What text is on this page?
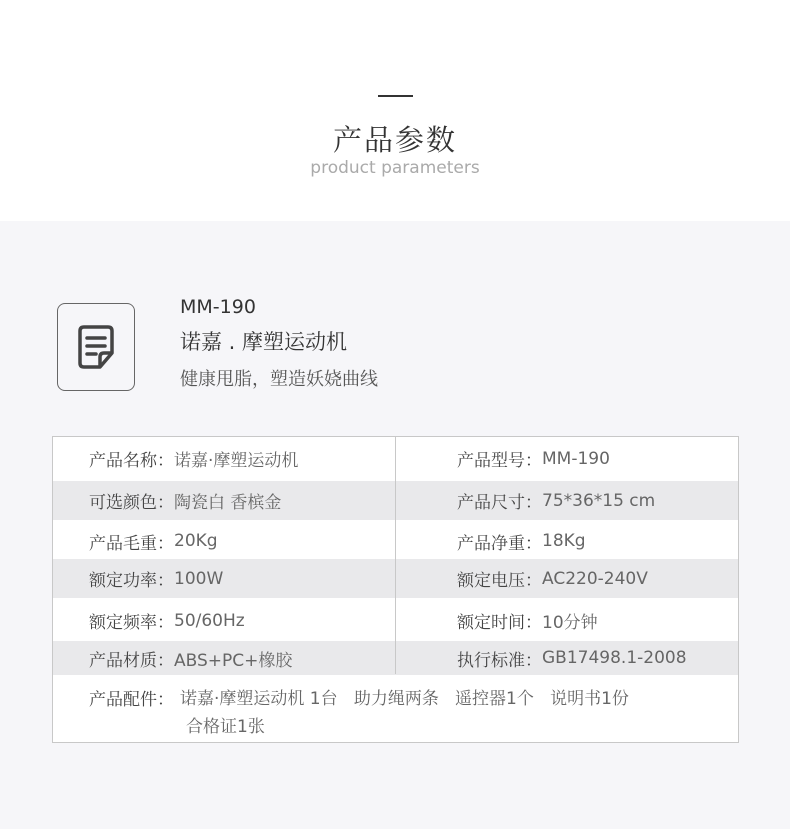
产品参数
product parameters
MM-190
诺嘉 . 摩塑运动机
健康甩脂，塑造妖娆曲线
产品名称： 诺嘉·摩塑运动机	产品型号： MM-190
可选颜色： 陶瓷白 香槟金	产品尺寸： 75*36*15 cm
产品毛重： 20Kg	产品净重： 18Kg
额定功率： 100W	额定电压： AC220-240V
额定频率： 50/60Hz	额定时间： 10分钟
产品材质： ABS+PC+橡胶	执行标准： GB17498.1-2008
产品配件： 诺嘉·摩塑运动机 1台   助力绳两条   遥控器1个   说明书1份
合格证1张
